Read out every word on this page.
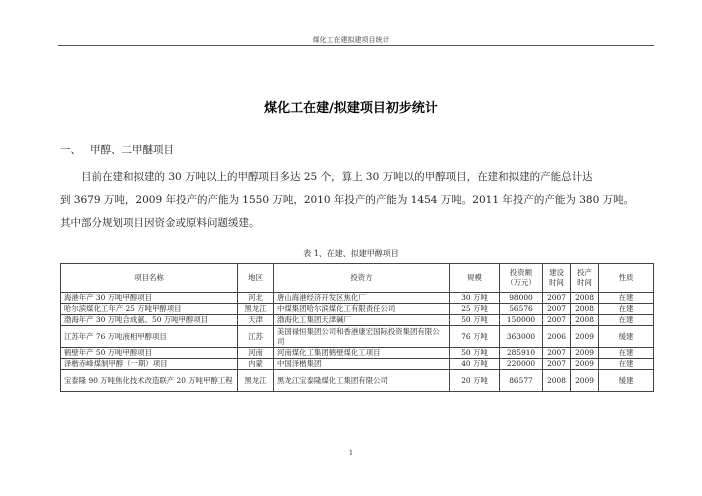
煤化工在建拟建项目统计
煤化工在建/拟建项目初步统计
一、 甲醇、二甲醚项目
目前在建和拟建的 30 万吨以上的甲醇项目多达 25 个，算上 30 万吨以的甲醇项目，在建和拟建的产能总计达
到 3679 万吨，2009 年投产的产能为 1550 万吨，2010 年投产的产能为 1454 万吨。2011 年投产的产能为 380 万吨。
其中部分规划项目因资金或原料问题缓建。
表 1、在建、拟建甲醇项目
项目名称	地区	投资方	规模	投资额（万元）	建设时间	投产时间	性质
海港年产 30 万吨甲醇项目	河北	唐山海港经济开发区焦化厂	30 万吨	98000	2007	2008	在建
哈尔滨煤化工年产 25 万吨甲醇项目	黑龙江	中煤集团哈尔滨煤化工有限责任公司	25 万吨	56576	2007	2008	在建
渤海年产 30 万吨合成氨、50 万吨甲醇项目	天津	渤海化工集团天津碱厂	50 万吨	150000	2007	2008	在建
江苏年产 76 万吨液相甲醇项目	江苏	美国禄恒集团公司和香港康宏国际投资集团有限公司	76 万吨	363000	2006	2009	缓建
鹤壁年产 50 万吨甲醇项目	河南	河南煤化工集团鹤壁煤化工项目	50 万吨	285910	2007	2009	在建
泽楷赤峰煤制甲醇（一期）项目	内蒙	中国泽楷集团	40 万吨	220000	2007	2009	在建
宝泰隆 90 万吨焦化技术改造联产 20 万吨甲醇工程	黑龙江	黑龙江宝泰隆煤化工集团有限公司	20 万吨	86577	2008	2009	缓建
1
